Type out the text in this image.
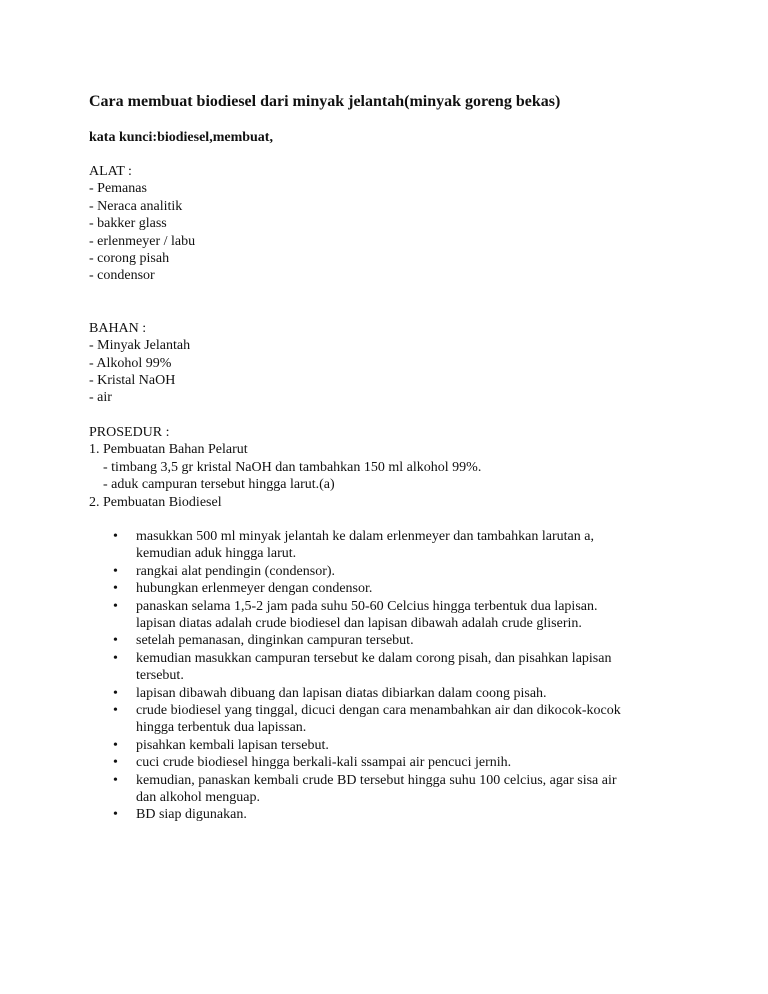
Cara membuat biodiesel dari minyak jelantah(minyak goreng bekas)
kata kunci:biodiesel,membuat,
ALAT :
- Pemanas
- Neraca analitik
- bakker glass
- erlenmeyer / labu
- corong pisah
- condensor
BAHAN :
- Minyak Jelantah
- Alkohol 99%
- Kristal NaOH
- air
PROSEDUR :
1. Pembuatan Bahan Pelarut
- timbang 3,5 gr kristal NaOH dan tambahkan 150 ml alkohol 99%.
- aduk campuran tersebut hingga larut.(a)
2. Pembuatan Biodiesel
• masukkan 500 ml minyak jelantah ke dalam erlenmeyer dan tambahkan larutan a,
kemudian aduk hingga larut.
• rangkai alat pendingin (condensor).
• hubungkan erlenmeyer dengan condensor.
• panaskan selama 1,5-2 jam pada suhu 50-60 Celcius hingga terbentuk dua lapisan.
lapisan diatas adalah crude biodiesel dan lapisan dibawah adalah crude gliserin.
• setelah pemanasan, dinginkan campuran tersebut.
• kemudian masukkan campuran tersebut ke dalam corong pisah, dan pisahkan lapisan
tersebut.
• lapisan dibawah dibuang dan lapisan diatas dibiarkan dalam coong pisah.
• crude biodiesel yang tinggal, dicuci dengan cara menambahkan air dan dikocok-kocok
hingga terbentuk dua lapissan.
• pisahkan kembali lapisan tersebut.
• cuci crude biodiesel hingga berkali-kali ssampai air pencuci jernih.
• kemudian, panaskan kembali crude BD tersebut hingga suhu 100 celcius, agar sisa air
dan alkohol menguap.
• BD siap digunakan.
